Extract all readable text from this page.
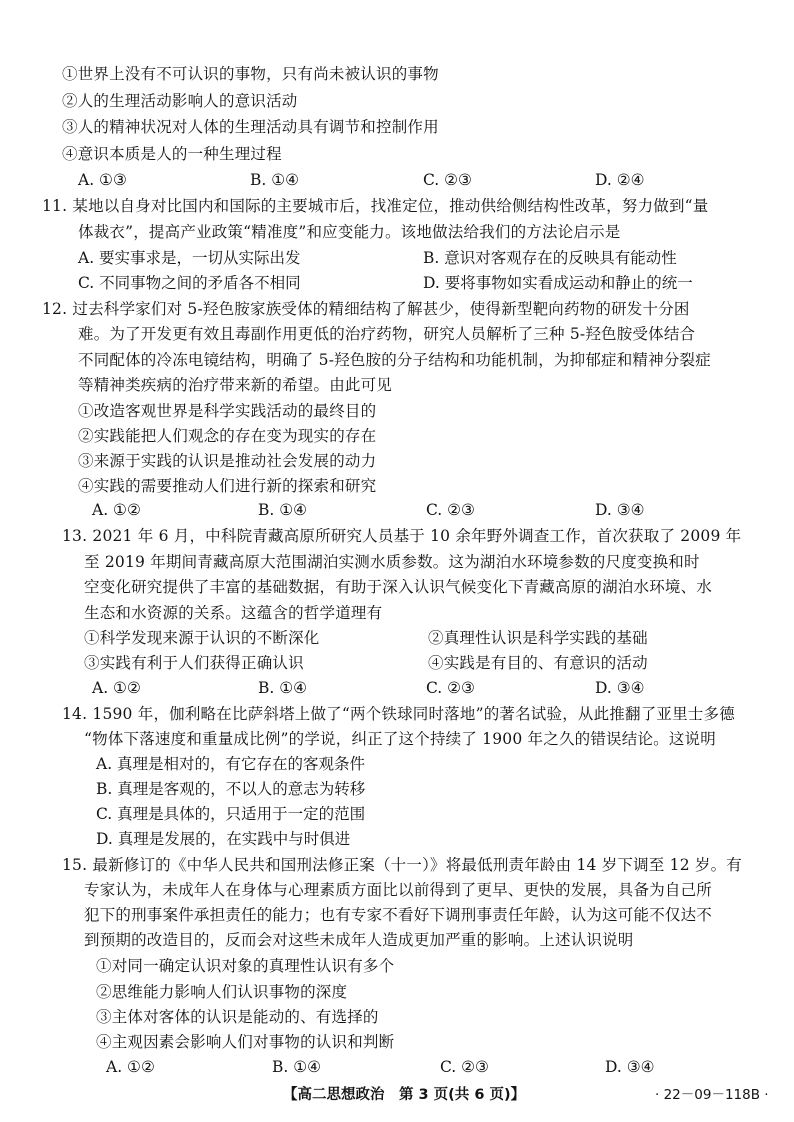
①世界上没有不可认识的事物，只有尚未被认识的事物
②人的生理活动影响人的意识活动
③人的精神状况对人体的生理活动具有调节和控制作用
④意识本质是人的一种生理过程
A. ①③	B. ①④	C. ②③	D. ②④
11. 某地以自身对比国内和国际的主要城市后，找准定位，推动供给侧结构性改革，努力做到“量
体裁衣”，提高产业政策“精准度”和应变能力。该地做法给我们的方法论启示是
A. 要实事求是，一切从实际出发	B. 意识对客观存在的反映具有能动性
C. 不同事物之间的矛盾各不相同	D. 要将事物如实看成运动和静止的统一
12. 过去科学家们对 5-羟色胺家族受体的精细结构了解甚少，使得新型靶向药物的研发十分困
难。为了开发更有效且毒副作用更低的治疗药物，研究人员解析了三种 5-羟色胺受体结合
不同配体的冷冻电镜结构，明确了 5-羟色胺的分子结构和功能机制，为抑郁症和精神分裂症
等精神类疾病的治疗带来新的希望。由此可见
①改造客观世界是科学实践活动的最终目的
②实践能把人们观念的存在变为现实的存在
③来源于实践的认识是推动社会发展的动力
④实践的需要推动人们进行新的探索和研究
A. ①②	B. ①④	C. ②③	D. ③④
13. 2021 年 6 月，中科院青藏高原所研究人员基于 10 余年野外调查工作，首次获取了 2009 年
至 2019 年期间青藏高原大范围湖泊实测水质参数。这为湖泊水环境参数的尺度变换和时
空变化研究提供了丰富的基础数据，有助于深入认识气候变化下青藏高原的湖泊水环境、水
生态和水资源的关系。这蕴含的哲学道理有
①科学发现来源于认识的不断深化	②真理性认识是科学实践的基础
③实践有利于人们获得正确认识	④实践是有目的、有意识的活动
A. ①②	B. ①④	C. ②③	D. ③④
14. 1590 年，伽利略在比萨斜塔上做了“两个铁球同时落地”的著名试验，从此推翻了亚里士多德
“物体下落速度和重量成比例”的学说，纠正了这个持续了 1900 年之久的错误结论。这说明
A. 真理是相对的，有它存在的客观条件
B. 真理是客观的，不以人的意志为转移
C. 真理是具体的，只适用于一定的范围
D. 真理是发展的，在实践中与时俱进
15. 最新修订的《中华人民共和国刑法修正案（十一）》将最低刑责年龄由 14 岁下调至 12 岁。有
专家认为，未成年人在身体与心理素质方面比以前得到了更早、更快的发展，具备为自己所
犯下的刑事案件承担责任的能力；也有专家不看好下调刑事责任年龄，认为这可能不仅达不
到预期的改造目的，反而会对这些未成年人造成更加严重的影响。上述认识说明
①对同一确定认识对象的真理性认识有多个
②思维能力影响人们认识事物的深度
③主体对客体的认识是能动的、有选择的
④主观因素会影响人们对事物的认识和判断
A. ①②	B. ①④	C. ②③	D. ③④
【高二思想政治　第 3 页(共 6 页)】	· 22－09－118B ·
